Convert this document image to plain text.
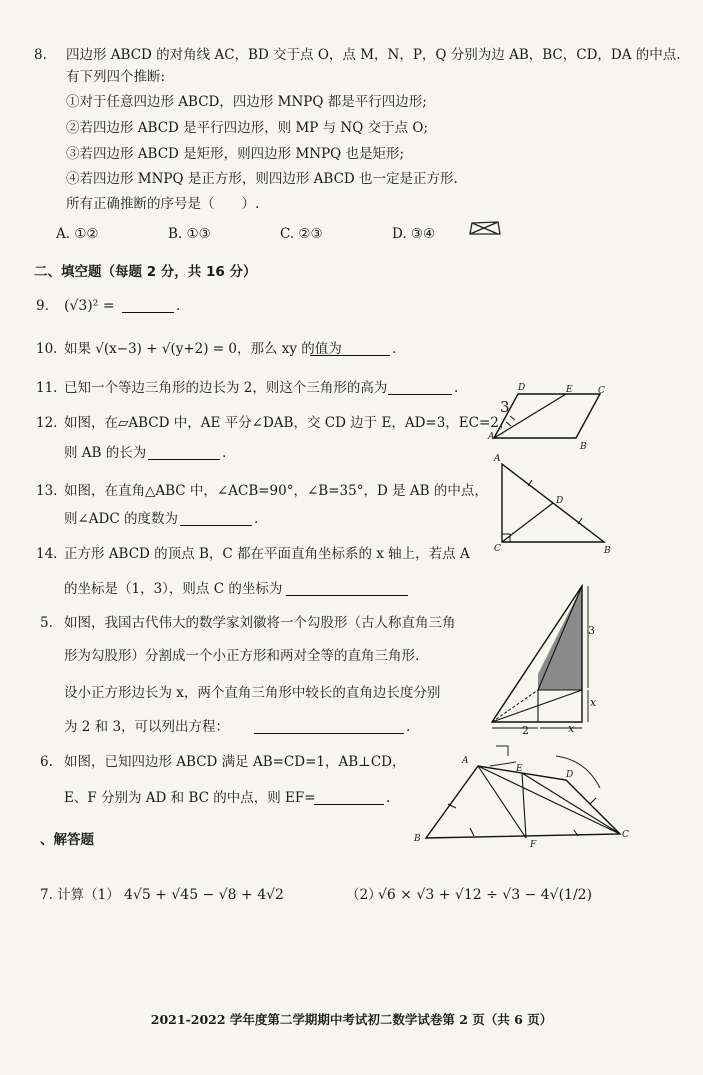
8. 四边形 ABCD 的对角线 AC，BD 交于点 O，点 M，N，P，Q 分别为边 AB，BC，CD，DA 的中点.
有下列四个推断:
①对于任意四边形 ABCD，四边形 MNPQ 都是平行四边形;
②若四边形 ABCD 是平行四边形，则 MP 与 NQ 交于点 O;
③若四边形 ABCD 是矩形，则四边形 MNPQ 也是矩形;
④若四边形 MNPQ 是正方形，则四边形 ABCD 也一定是正方形.
所有正确推断的序号是（　　）.
A. ①②	B. ①③	C. ②③	D. ③④
二、填空题（每题 2 分，共 16 分）
9. (√3)² =	.
10. 如果 √(x−3) + √(y+2) = 0，那么 xy 的值为	.
11. 已知一个等边三角形的边长为 2，则这个三角形的高为	.
12. 如图，在▱ABCD 中，AE 平分∠DAB，交 CD 边于 E，AD=3，EC=2，
则 AB 的长为	.
A
B
C
D	E
3
13. 如图，在直角△ABC 中，∠ACB=90°，∠B=35°，D 是 AB 的中点，
则∠ADC 的度数为	.
A
B
C
D
14. 正方形 ABCD 的顶点 B，C 都在平面直角坐标系的 x 轴上，若点 A
的坐标是（1，3），则点 C 的坐标为
5. 如图，我国古代伟大的数学家刘徽将一个勾股形（古人称直角三角
形为勾股形）分割成一个小正方形和两对全等的直角三角形.
设小正方形边长为 x，两个直角三角形中较长的直角边长度分别
为 2 和 3，可以列出方程：	.
3
2
x
x
6. 如图，已知四边形 ABCD 满足 AB=CD=1，AB⊥CD，
E、F 分别为 AD 和 BC 的中点，则 EF=	.
A
B	C
D
E
F
、解答题
7. 计算（1） 4√5 + √45 − √8 + 4√2	（2）
√6 × √3 + √12 ÷ √3 − 4√(1/2)
2021-2022 学年度第二学期期中考试初二数学试卷第 2 页（共 6 页）
